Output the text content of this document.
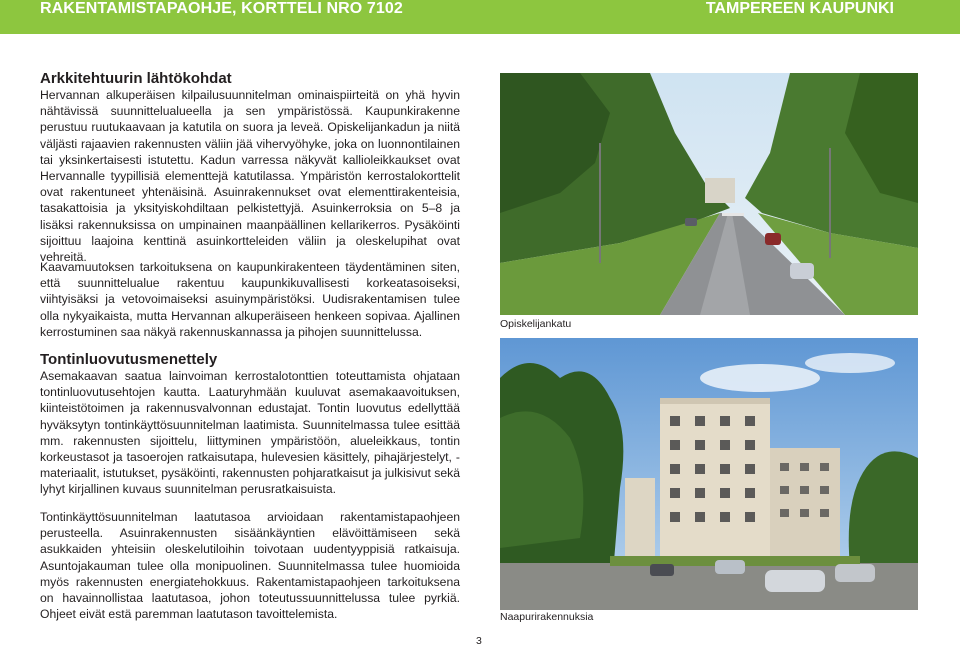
RAKENTAMISTAPAOHJE, KORTTELI NRO 7102	TAMPEREEN KAUPUNKI
Arkkitehtuurin lähtökohdat

Hervannan alkuperäisen kilpailusuunnitelman ominaispiirteitä on yhä hyvin nähtävissä suunnittelualueella ja sen ympäristössä. Kaupunkirakenne perustuu ruutukaavaan ja katutila on suora ja leveä. Opiskelijankadun ja niitä väljästi rajaavien rakennusten väliin jää vihervyöhyke, joka on luonnontilainen tai yksinkertaisesti istutettu. Kadun varressa näkyvät kallioleikkaukset ovat Hervannalle tyypillisiä elementtejä katutilassa. Ympäristön kerrostalokorttelit ovat rakentuneet yhtenäisinä. Asuinrakennukset ovat elementtirakenteisia, tasakattoisia ja yksityiskohdiltaan pelkistettyjä. Asuinkerroksia on 5–8 ja lisäksi rakennuksissa on umpinainen maanpäällinen kellarikerros. Pysäköinti sijoittuu laajoina kenttinä asuinkortteleiden väliin ja oleskelupihat ovat vehreitä.

Kaavamuutoksen tarkoituksena on kaupunkirakenteen täydentäminen siten, että suunnittelualue rakentuu kaupunkikuvallisesti korkeatasoiseksi, viihtyisäksi ja vetovoimaiseksi asuinympäristöksi. Uudisrakentamisen tulee olla nykyaikaista, mutta Hervannan alkuperäiseen henkeen sopivaa. Ajallinen kerrostuminen saa näkyä rakennuskannassa ja pihojen suunnittelussa.

Tontinluovutusmenettely

Asemakaavan saatua lainvoiman kerrostalotonttien toteuttamista ohjataan tontinluovutusehtojen kautta. Laaturyhmään kuuluvat asemakaavoituksen, kiinteistötoimen ja rakennusvalvonnan edustajat. Tontin luovutus edellyttää hyväksytyn tontinkäyttösuunnitelman laatimista. Suunnitelmassa tulee esittää mm. rakennusten sijoittelu, liittyminen ympäristöön, alueleikkaus, tontin korkeustasot ja tasoerojen ratkaisutapa, hulevesien käsittely, pihajärjestelyt, -materiaalit, istutukset, pysäköinti, rakennusten pohjaratkaisut ja julkisivut sekä lyhyt kirjallinen kuvaus suunnitelman perusratkaisuista.

Tontinkäyttösuunnitelman laatutasoa arvioidaan rakentamistapaohjeen perusteella. Asuinrakennusten sisäänkäyntien elävöittämiseen sekä asukkaiden yhteisiin oleskelutiloihin toivotaan uudentyyppisiä ratkaisuja. Asuntojakauman tulee olla monipuolinen. Suunnitelmassa tulee huomioida myös rakennusten energiatehokkuus. Rakentamistapaohjeen tarkoituksena on havainnollistaa laatutasoa, johon toteutussuunnittelussa tulee pyrkiä. Ohjeet eivät estä paremman laatutason tavoittelemista.

Opiskelijankatu
Naapurirakennuksia
3
